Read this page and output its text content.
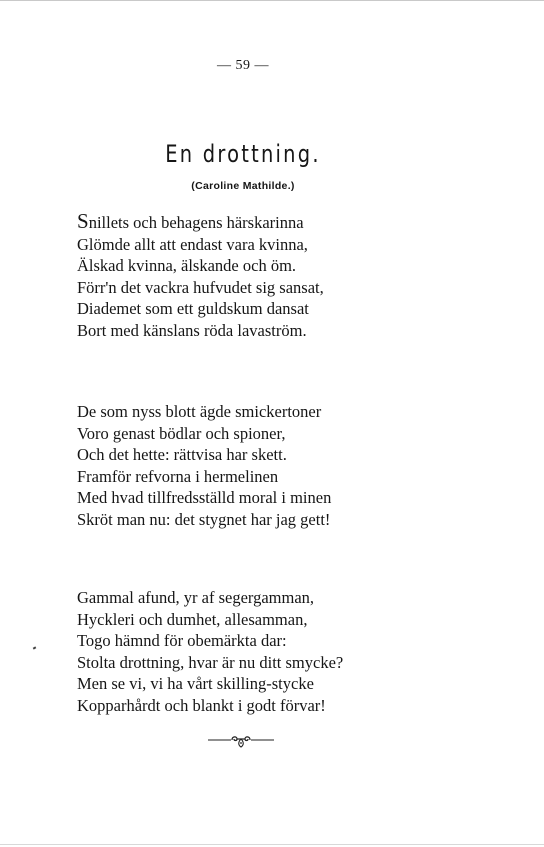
— 59 —
En drottning.
(Caroline Mathilde.)
Snillets och behagens härskarinna
Glömde allt att endast vara kvinna,
Älskad kvinna, älskande och öm.
Förr'n det vackra hufvudet sig sansat,
Diademet som ett guldskum dansat
Bort med känslans röda lavaström.
De som nyss blott ägde smickertoner
Voro genast bödlar och spioner,
Och det hette: rättvisa har skett.
Framför refvorna i hermelinen
Med hvad tillfredsställd moral i minen
Skröt man nu: det stygnet har jag gett!
Gammal afund, yr af segergamman,
Hyckleri och dumhet, allesamman,
Togo hämnd för obemärkta dar:
Stolta drottning, hvar är nu ditt smycke?
Men se vi, vi ha vårt skilling-stycke
Kopparhårdt och blankt i godt förvar!
